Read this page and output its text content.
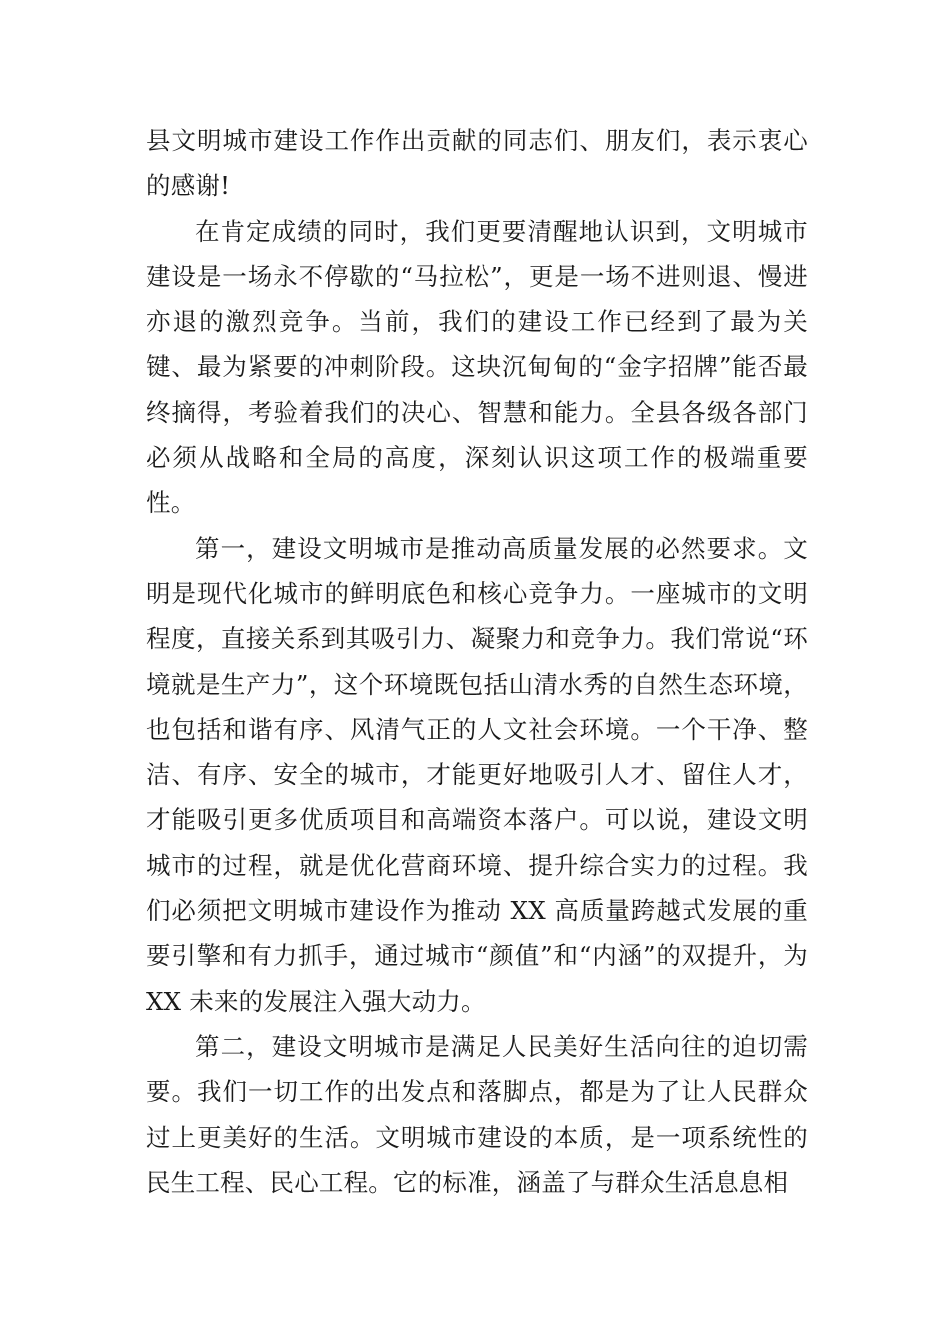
县文明城市建设工作作出贡献的同志们、朋友们，表示衷心的感谢!

在肯定成绩的同时，我们更要清醒地认识到，文明城市建设是一场永不停歇的“马拉松”，更是一场不进则退、慢进亦退的激烈竞争。当前，我们的建设工作已经到了最为关键、最为紧要的冲刺阶段。这块沉甸甸的“金字招牌”能否最终摘得，考验着我们的决心、智慧和能力。全县各级各部门必须从战略和全局的高度，深刻认识这项工作的极端重要性。

第一，建设文明城市是推动高质量发展的必然要求。文明是现代化城市的鲜明底色和核心竞争力。一座城市的文明程度，直接关系到其吸引力、凝聚力和竞争力。我们常说“环境就是生产力”，这个环境既包括山清水秀的自然生态环境，也包括和谐有序、风清气正的人文社会环境。一个干净、整洁、有序、安全的城市，才能更好地吸引人才、留住人才，才能吸引更多优质项目和高端资本落户。可以说，建设文明城市的过程，就是优化营商环境、提升综合实力的过程。我们必须把文明城市建设作为推动 XX 高质量跨越式发展的重要引擎和有力抓手，通过城市“颜值”和“内涵”的双提升，为 XX 未来的发展注入强大动力。

第二，建设文明城市是满足人民美好生活向往的迫切需要。我们一切工作的出发点和落脚点，都是为了让人民群众过上更美好的生活。文明城市建设的本质，是一项系统性的民生工程、民心工程。它的标准，涵盖了与群众生活息息相
